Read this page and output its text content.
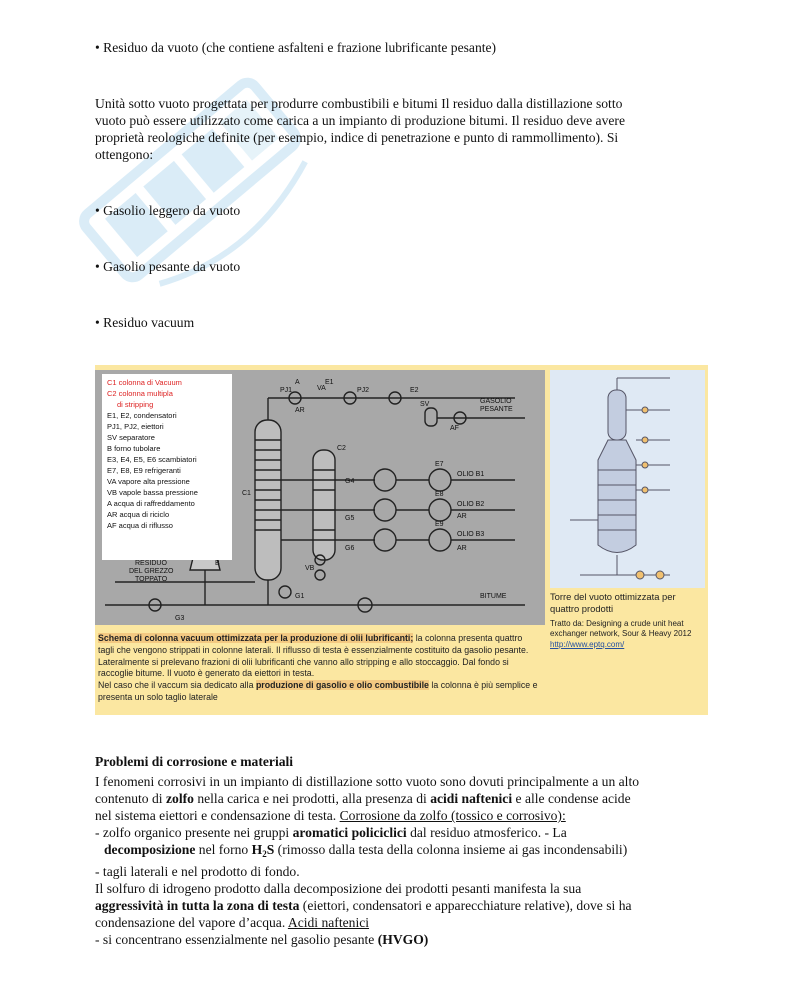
• Residuo da vuoto (che contiene asfalteni e frazione lubrificante pesante)

Unità sotto vuoto progettata per produrre combustibili e bitumi Il residuo dalla distillazione sotto

vuoto può essere utilizzato come carica a un impianto di produzione bitumi. Il residuo deve avere

proprietà reologiche definite (per esempio, indice di penetrazione e punto di rammollimento). Si

ottengono:

• Gasolio leggero da vuoto

• Gasolio pesante da vuoto

• Residuo vacuum

VA
PJ1	PJ2
E1
E2
A
AR
SV
AF
GASOLIO
PESANTE
C1
C2
OLIO B1
OLIO B2
OLIO B3
E7
E8
E9
G4
G5
G6
VB
G1
G3
B
BITUME
RESIDUO
DEL GREZZO
TOPPATO
AR
AR
C1 colonna di Vacuum
C2 colonna multipla
di stripping
E1, E2, condensatori
PJ1, PJ2, eiettori
SV separatore
B forno tubolare
E3, E4, E5, E6 scambiatori
E7, E8, E9 refrigeranti
VA vapore alta pressione
VB vapole bassa pressione
A acqua di raffreddamento
AR acqua di riciclo
AF acqua di riflusso
Schema di colonna vacuum ottimizzata per la produzione di olii lubrificanti; la colonna presenta quattro tagli che vengono strippati in colonne laterali. Il riflusso di testa è essenzialmente costituito da gasolio pesante. Lateralmente si prelevano frazioni di olii lubrificanti che vanno allo stripping e allo stoccaggio. Dal fondo si raccoglie bitume. Il vuoto è generato da eiettori in testa.
Nel caso che il vaccum sia dedicato alla produzione di gasolio e olio combustibile la colonna è più semplice e presenta un solo taglio laterale
Torre del vuoto ottimizzata per quattro prodotti
Tratto da: Designing a crude unit heat exchanger network, Sour & Heavy 2012
http://www.eptq.com/

Problemi di corrosione e materiali

I fenomeni corrosivi in un impianto di distillazione sotto vuoto sono dovuti principalmente a un alto

contenuto di zolfo nella carica e nei prodotti, alla presenza di acidi naftenici e alle condense acide

nel sistema eiettori e condensazione di testa. Corrosione da zolfo (tossico e corrosivo):

- zolfo organico presente nei gruppi aromatici policiclici dal residuo atmosferico. - La

decomposizione nel forno $H_2S$ (rimosso dalla testa della colonna insieme ai gas incondensabili)

- tagli laterali e nel prodotto di fondo.

Il solfuro di idrogeno prodotto dalla decomposizione dei prodotti pesanti manifesta la sua

aggressività in tutta la zona di testa (eiettori, condensatori e apparecchiature relative), dove si ha

condensazione del vapore d’acqua. Acidi naftenici

- si concentrano essenzialmente nel gasolio pesante (HVGO)
